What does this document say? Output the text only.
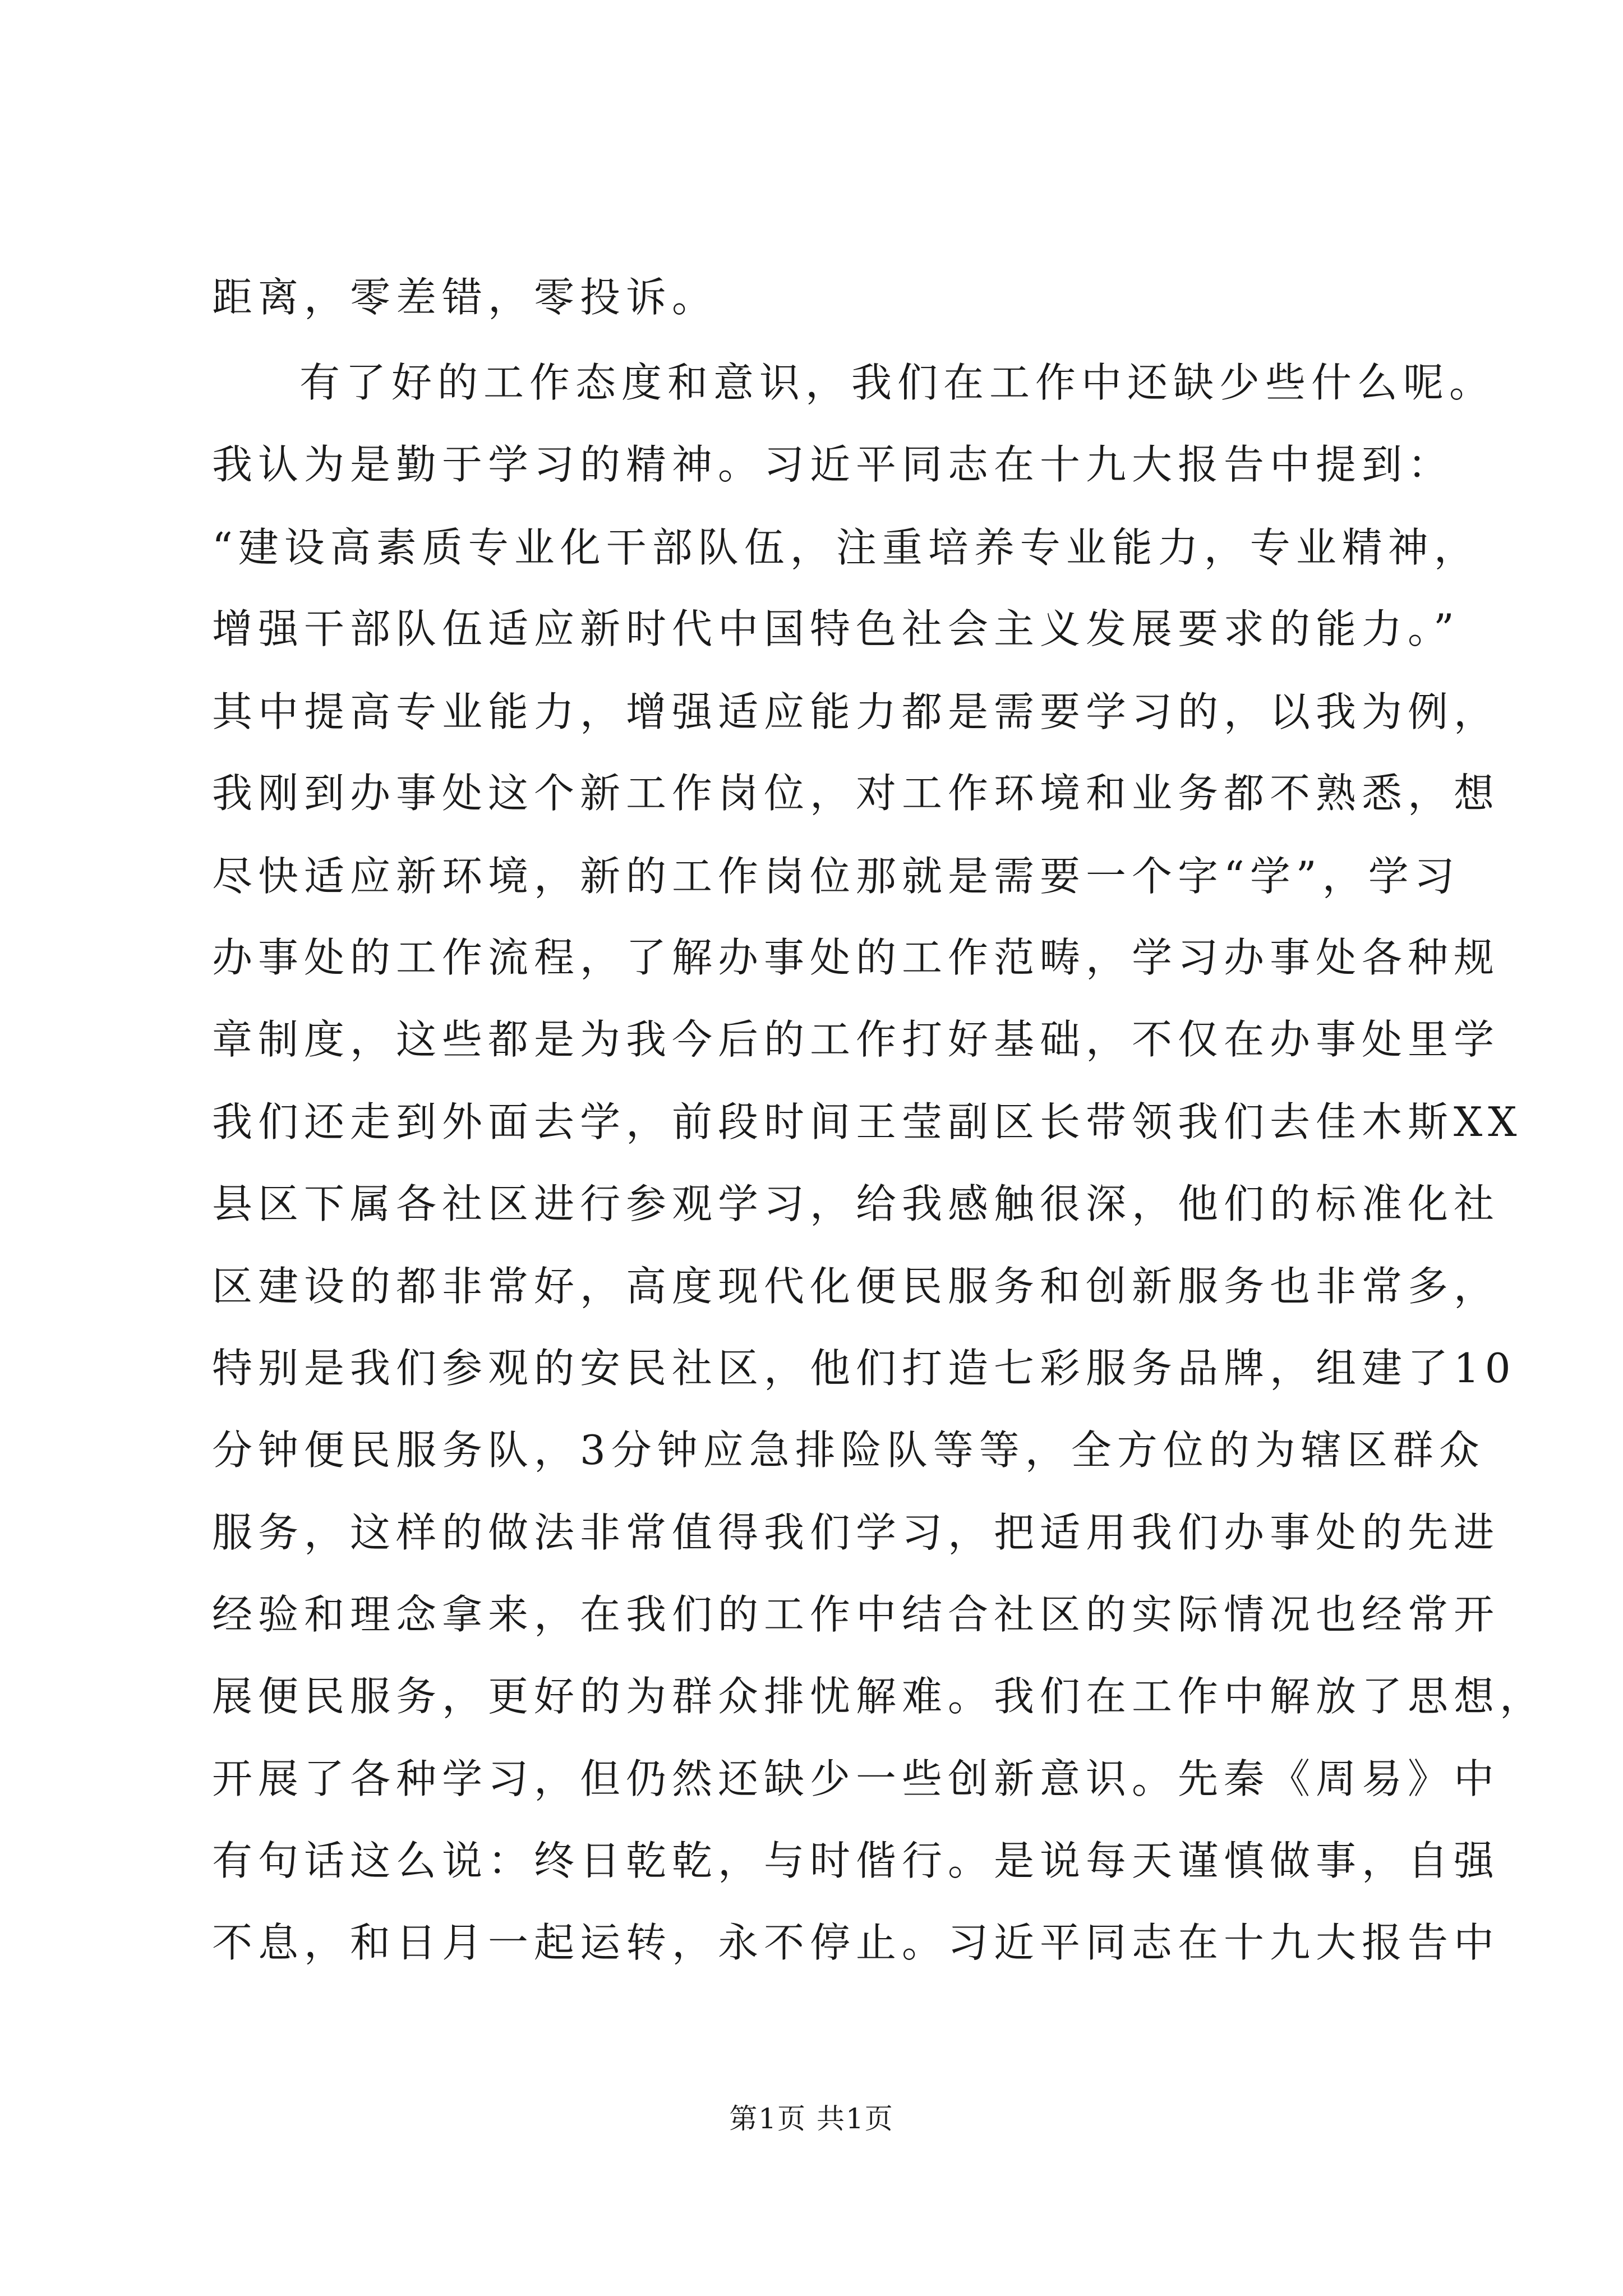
距离，零差错，零投诉。
有了好的工作态度和意识，我们在工作中还缺少些什么呢。
我认为是勤于学习的精神。习近平同志在十九大报告中提到：
“建设高素质专业化干部队伍，注重培养专业能力，专业精神，
增强干部队伍适应新时代中国特色社会主义发展要求的能力。”
其中提高专业能力，增强适应能力都是需要学习的，以我为例，
我刚到办事处这个新工作岗位，对工作环境和业务都不熟悉，想
尽快适应新环境，新的工作岗位那就是需要一个字“学”，学习
办事处的工作流程，了解办事处的工作范畴，学习办事处各种规
章制度，这些都是为我今后的工作打好基础，不仅在办事处里学
我们还走到外面去学，前段时间王莹副区长带领我们去佳木斯XX
县区下属各社区进行参观学习，给我感触很深，他们的标准化社
区建设的都非常好，高度现代化便民服务和创新服务也非常多，
特别是我们参观的安民社区，他们打造七彩服务品牌，组建了10
分钟便民服务队，3分钟应急排险队等等，全方位的为辖区群众
服务，这样的做法非常值得我们学习，把适用我们办事处的先进
经验和理念拿来，在我们的工作中结合社区的实际情况也经常开
展便民服务，更好的为群众排忧解难。我们在工作中解放了思想，
开展了各种学习，但仍然还缺少一些创新意识。先秦《周易》中
有句话这么说：终日乾乾，与时偕行。是说每天谨慎做事，自强
不息，和日月一起运转，永不停止。习近平同志在十九大报告中
第1页 共1页
